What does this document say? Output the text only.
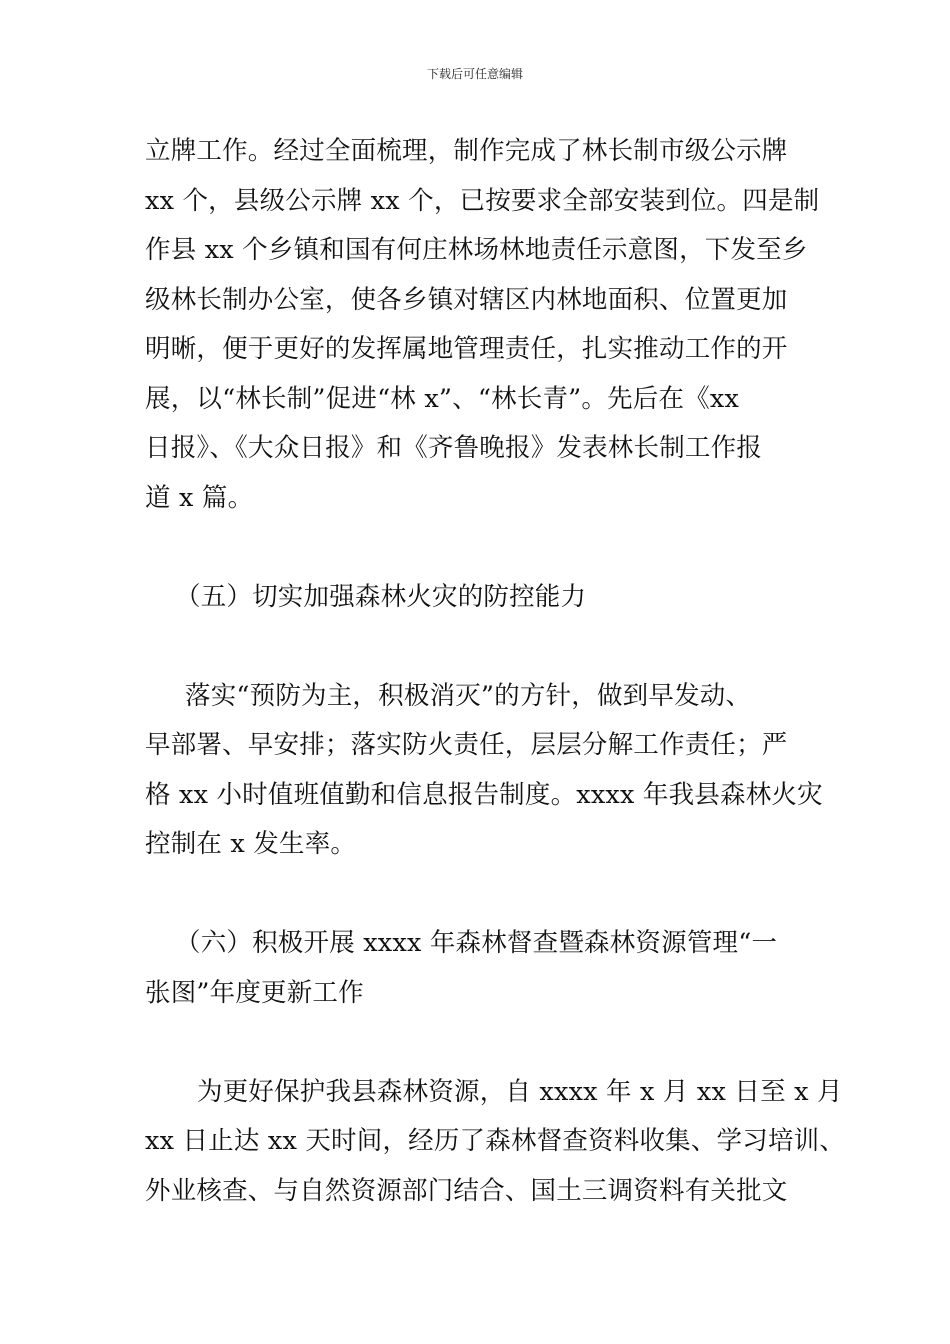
下载后可任意编辑
立牌工作。经过全面梳理，制作完成了林长制市级公示牌
xx 个，县级公示牌 xx 个，已按要求全部安装到位。四是制
作县 xx 个乡镇和国有何庄林场林地责任示意图，下发至乡
级林长制办公室，使各乡镇对辖区内林地面积、位置更加
明晰，便于更好的发挥属地管理责任，扎实推动工作的开
展，以“林长制”促进“林 x”、“林长青”。先后在《xx
日报》、《大众日报》和《齐鲁晚报》发表林长制工作报
道 x 篇。
（五）切实加强森林火灾的防控能力
落实“预防为主，积极消灭”的方针，做到早发动、
早部署、早安排；落实防火责任，层层分解工作责任；严
格 xx 小时值班值勤和信息报告制度。xxxx 年我县森林火灾
控制在 x 发生率。
（六）积极开展 xxxx 年森林督查暨森林资源管理“一
张图”年度更新工作
为更好保护我县森林资源，自 xxxx 年 x 月 xx 日至 x 月
xx 日止达 xx 天时间，经历了森林督查资料收集、学习培训、
外业核查、与自然资源部门结合、国土三调资料有关批文
